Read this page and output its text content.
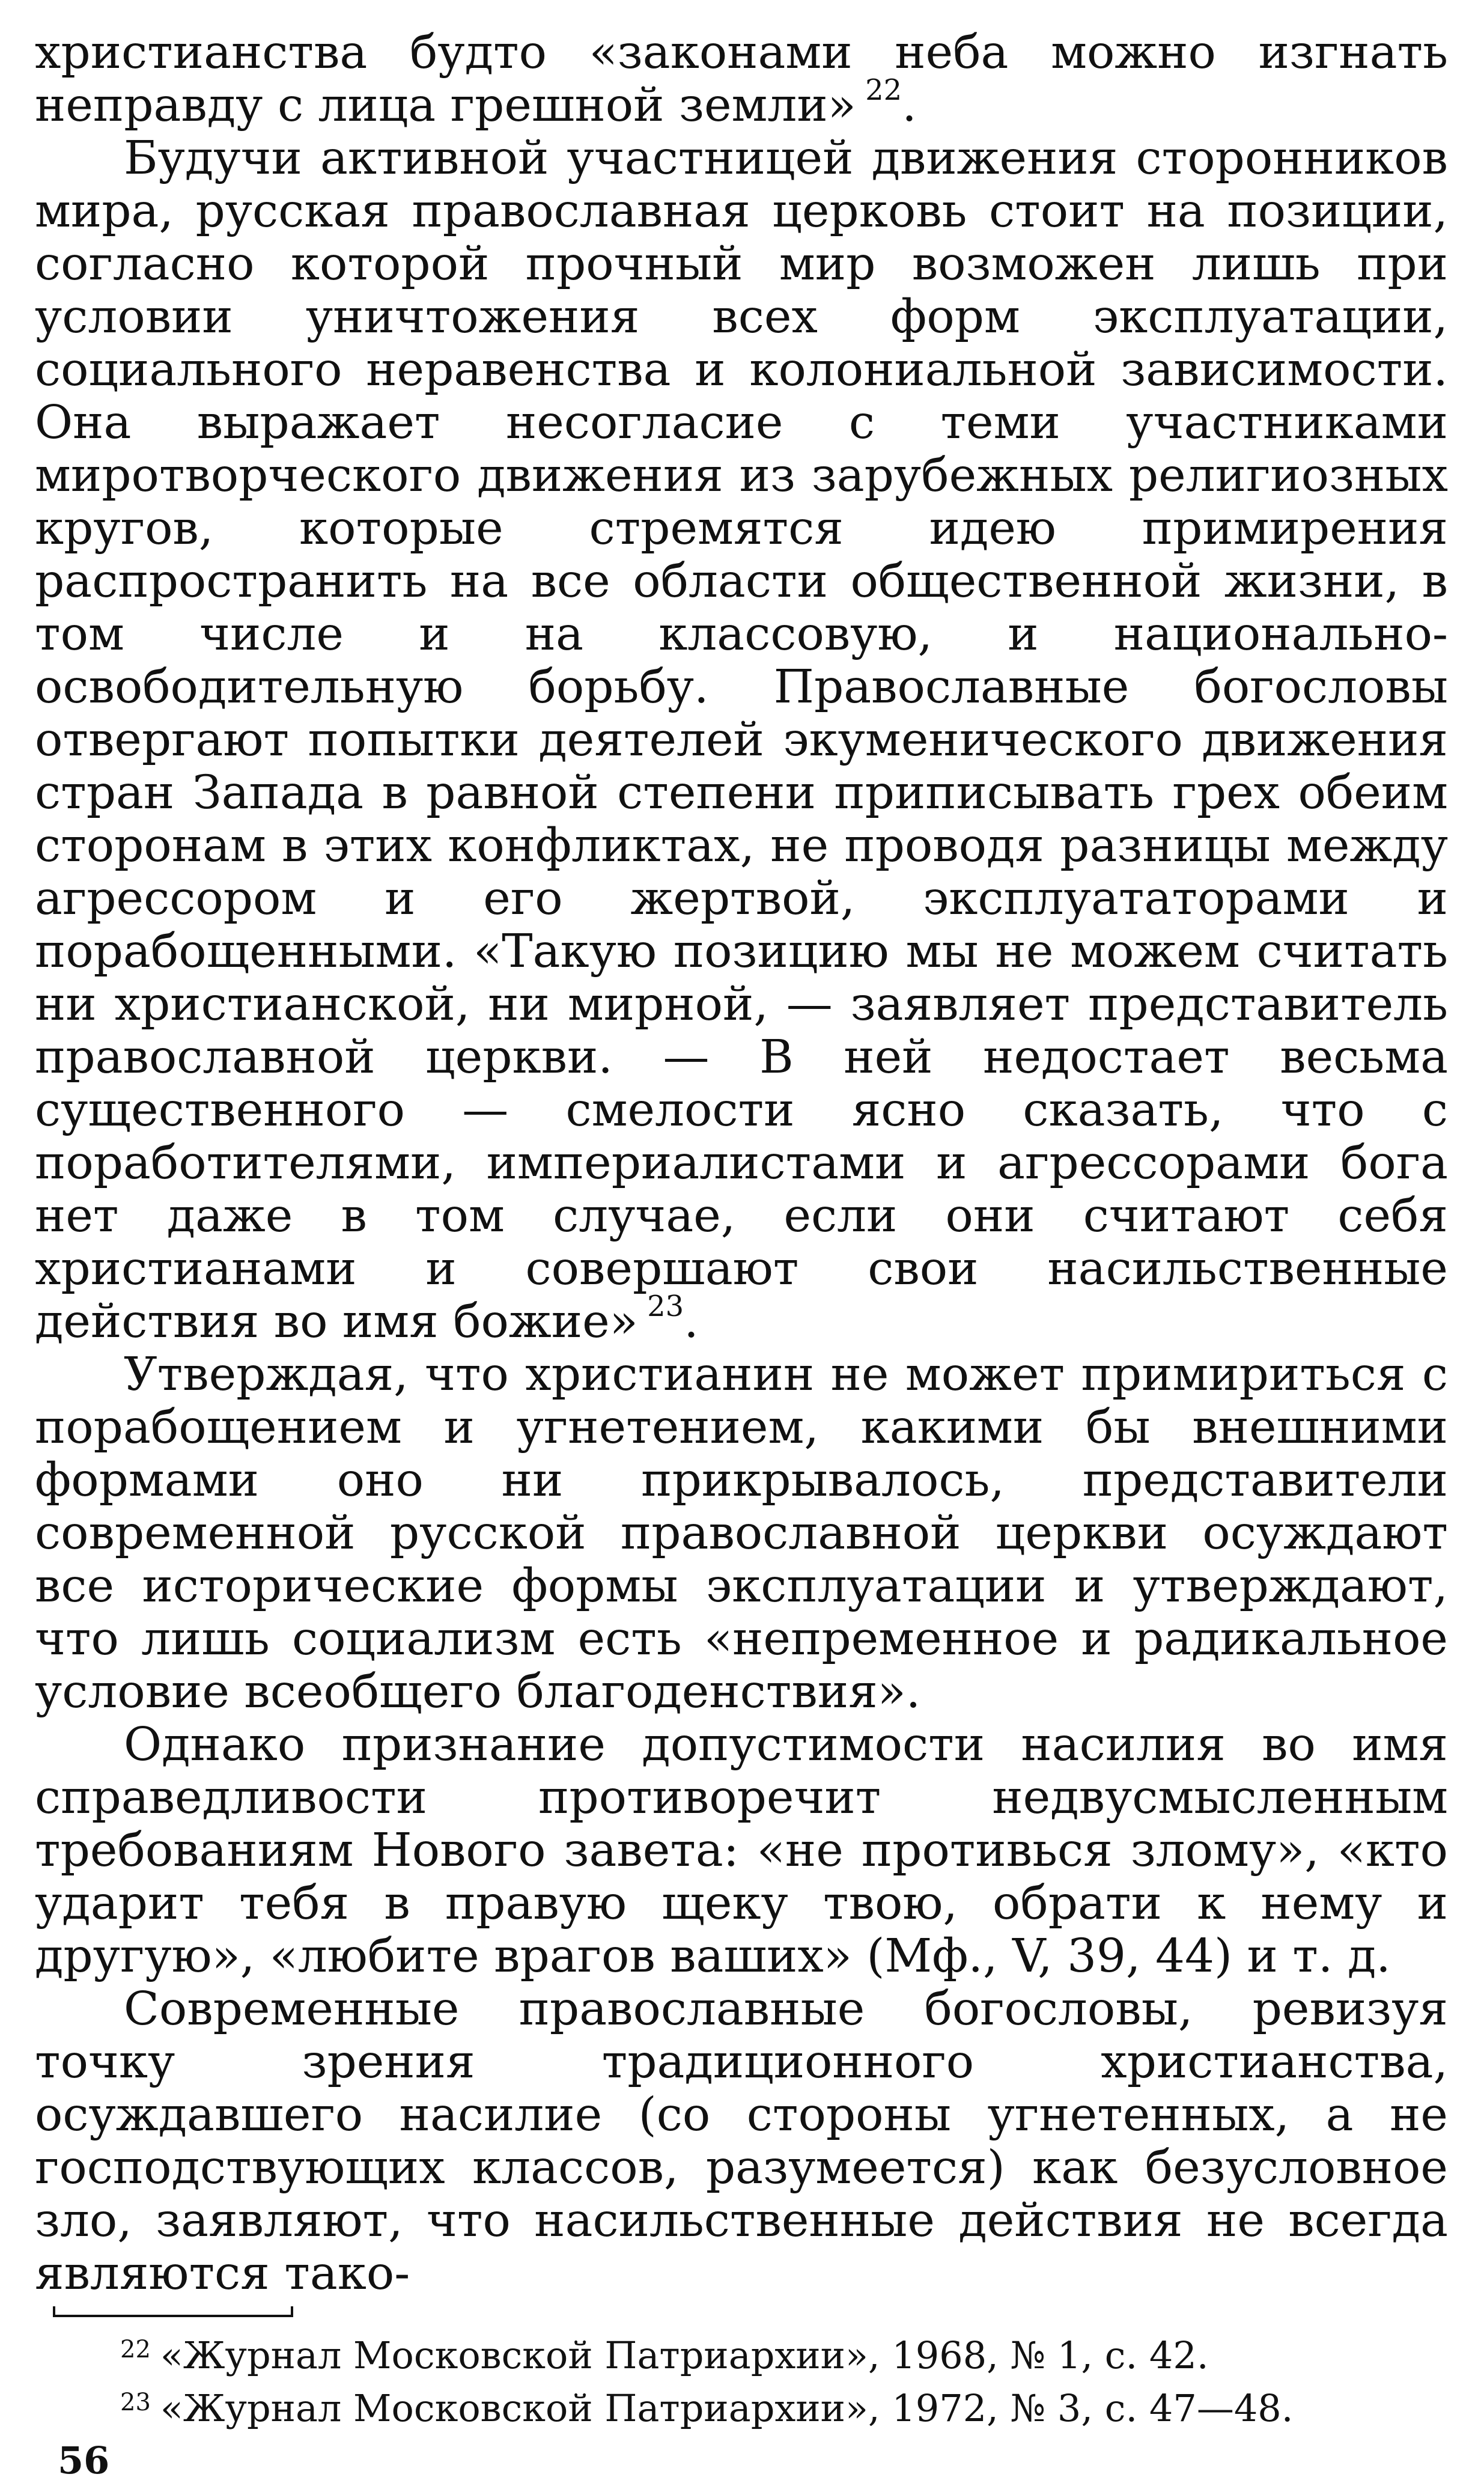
христианства будто «законами неба можно изгнать неправду с лица грешной земли»  $^{22}$.

Будучи активной участницей движения сторонников мира, русская православная церковь стоит на позиции, согласно которой прочный мир возможен лишь при условии уничтожения всех форм эксплуатации, социального неравенства и колониальной зависимости. Она выражает несогласие с теми участниками миротворческого движения из зарубежных религиозных кругов, которые стремятся идею примирения распространить на все области общественной жизни, в том числе и на классовую, и национально-освободительную борьбу. Православные богословы отвергают попытки деятелей экуменического движения стран Запада в равной степени приписывать грех обеим сторонам в этих конфликтах, не проводя разницы между агрессором и его жертвой, эксплуататорами и порабощенными. «Такую позицию мы не можем считать ни христианской, ни мирной, — заявляет представитель православной церкви. — В ней недостает весьма существенного — смелости ясно сказать, что с поработителями, империалистами и агрессорами бога нет даже в том случае, если они считают себя христианами и совершают свои насильственные действия во имя божие»  $^{23}$.

Утверждая, что христианин не может примириться с порабощением и угнетением, какими бы внешними формами оно ни прикрывалось, представители современной русской православной церкви осуждают все исторические формы эксплуатации и утверждают, что лишь социализм есть «непременное и радикальное условие всеобщего благоденствия».

Однако признание допустимости насилия во имя справедливости противоречит недвусмысленным требованиям Нового завета: «не противься злому», «кто ударит тебя в правую щеку твою, обрати к нему и другую», «любите врагов ваших» (Мф., V, 39, 44) и т. д.

Современные православные богословы, ревизуя точку зрения традиционного христианства, осуждавшего насилие (со стороны угнетенных, а не господствующих классов, разумеется) как безусловное зло, заявляют, что насильственные действия не всегда являются тако-

$^{22}$ «Журнал Московской Патриархии», 1968, № 1, с. 42.

$^{23}$ «Журнал Московской Патриархии», 1972, № 3, с. 47—48.

56
